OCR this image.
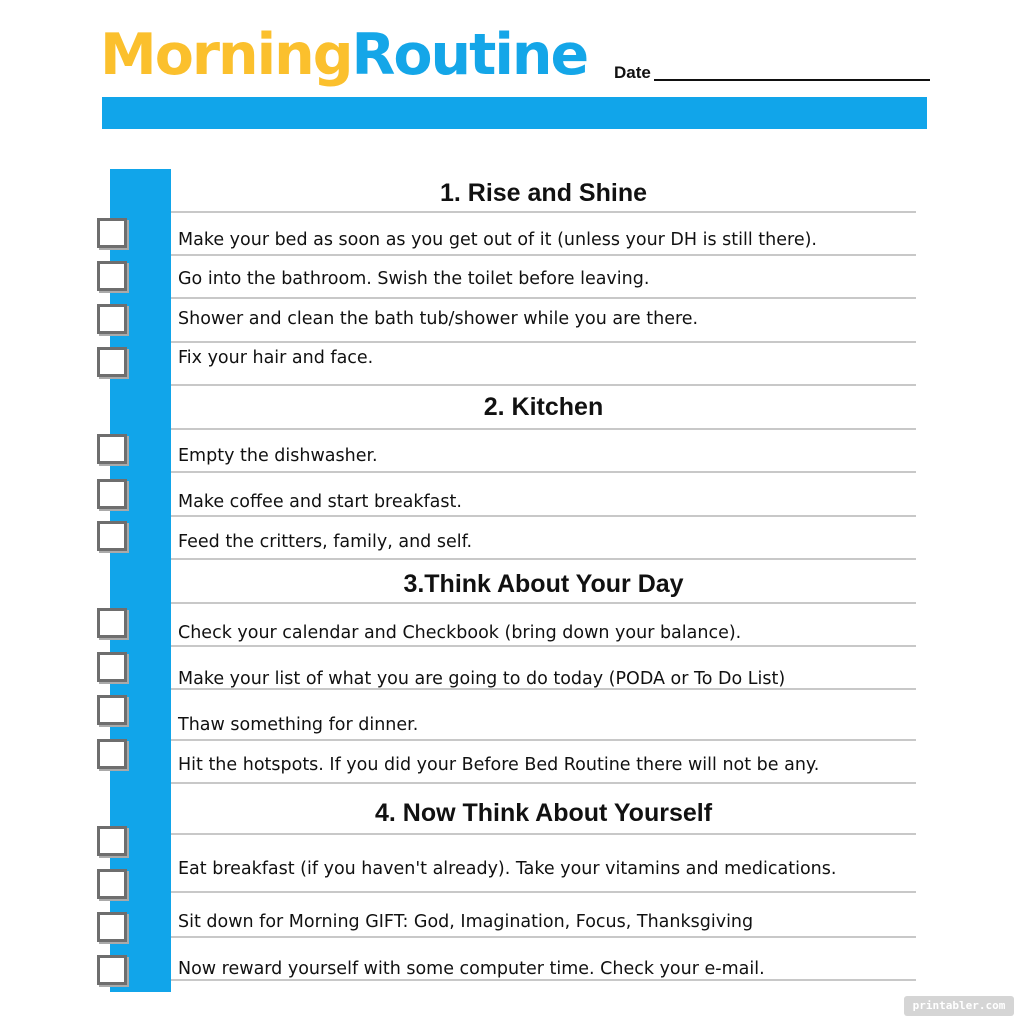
MorningRoutine Date
1. Rise and Shine

Make your bed as soon as you get out of it (unless your DH is still there).

Go into the bathroom. Swish the toilet before leaving.

Shower and clean the bath tub/shower while you are there.

Fix your hair and face.

2. Kitchen

Empty the dishwasher.

Make coffee and start breakfast.

Feed the critters, family, and self.

3.Think About Your Day

Check your calendar and Checkbook (bring down your balance).

Make your list of what you are going to do today (PODA or To Do List)

Thaw something for dinner.

Hit the hotspots. If you did your Before Bed Routine there will not be any.

4. Now Think About Yourself

Eat breakfast (if you haven't already). Take your vitamins and medications.

Sit down for Morning GIFT: God, Imagination, Focus, Thanksgiving

Now reward yourself with some computer time. Check your e-mail.

printabler.com
